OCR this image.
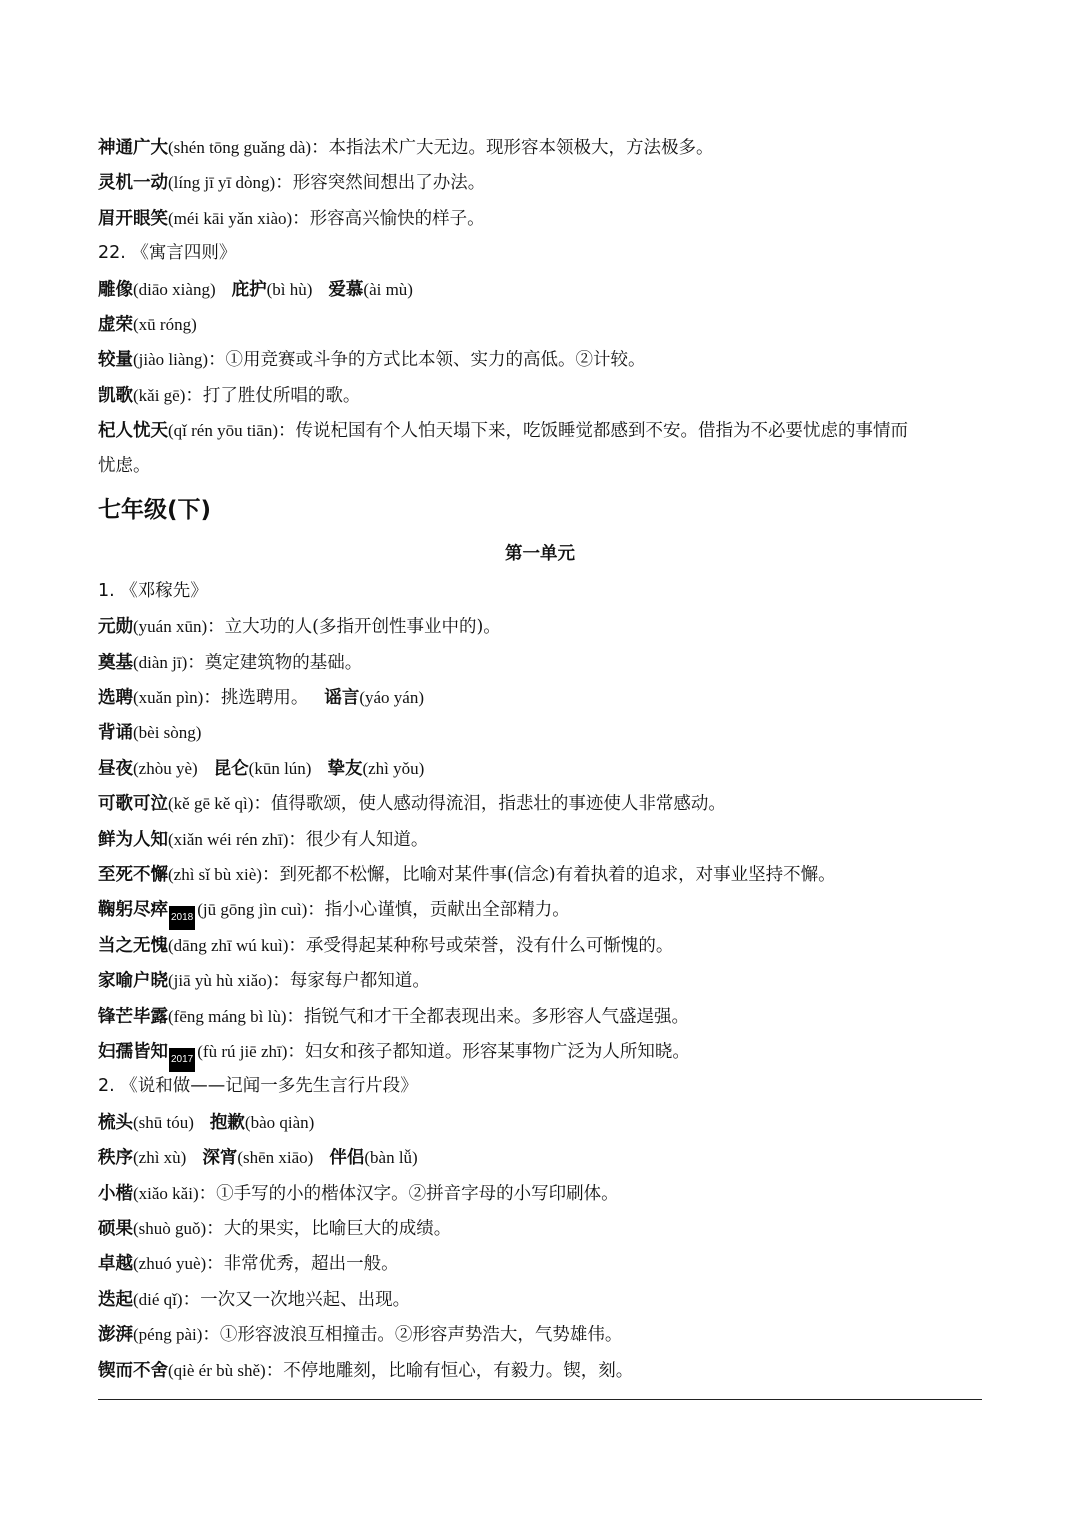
神通广大(shén tōng guǎng dà)：本指法术广大无边。现形容本领极大，方法极多。
灵机一动(líng jī yī dòng)：形容突然间想出了办法。
眉开眼笑(méi kāi yǎn xiào)：形容高兴愉快的样子。
22. 《寓言四则》
雕像(diāo xiàng) 庇护(bì hù) 爱慕(ài mù)
虚荣(xū róng)
较量(jiào liàng)：①用竞赛或斗争的方式比本领、实力的高低。②计较。
凯歌(kǎi gē)：打了胜仗所唱的歌。
杞人忧天(qǐ rén yōu tiān)：传说杞国有个人怕天塌下来，吃饭睡觉都感到不安。借指为不必要忧虑的事情而
忧虑。
七年级(下)
第一单元
1. 《邓稼先》
元勋(yuán xūn)：立大功的人(多指开创性事业中的)。
奠基(diàn jī)：奠定建筑物的基础。
选聘(xuǎn pìn)：挑选聘用。 谣言(yáo yán)
背诵(bèi sòng)
昼夜(zhòu yè) 昆仑(kūn lún) 挚友(zhì yǒu)
可歌可泣(kě gē kě qì)：值得歌颂，使人感动得流泪，指悲壮的事迹使人非常感动。
鲜为人知(xiǎn wéi rén zhī)：很少有人知道。
至死不懈(zhì sǐ bù xiè)：到死都不松懈，比喻对某件事(信念)有着执着的追求，对事业坚持不懈。
鞠躬尽瘁 2018 (jū gōng jìn cuì)：指小心谨慎，贡献出全部精力。
当之无愧(dāng zhī wú kuì)：承受得起某种称号或荣誉，没有什么可惭愧的。
家喻户晓(jiā yù hù xiǎo)：每家每户都知道。
锋芒毕露(fēng máng bì lù)：指锐气和才干全都表现出来。多形容人气盛逞强。
妇孺皆知 2017 (fù rú jiē zhī)：妇女和孩子都知道。形容某事物广泛为人所知晓。
2. 《说和做——记闻一多先生言行片段》
梳头(shū tóu) 抱歉(bào qiàn)
秩序(zhì xù) 深宵(shēn xiāo) 伴侣(bàn lǚ)
小楷(xiǎo kǎi)：①手写的小的楷体汉字。②拼音字母的小写印刷体。
硕果(shuò guǒ)：大的果实，比喻巨大的成绩。
卓越(zhuó yuè)：非常优秀，超出一般。
迭起(dié qǐ)：一次又一次地兴起、出现。
澎湃(péng pài)：①形容波浪互相撞击。②形容声势浩大，气势雄伟。
锲而不舍(qiè ér bù shě)：不停地雕刻，比喻有恒心，有毅力。锲，刻。
